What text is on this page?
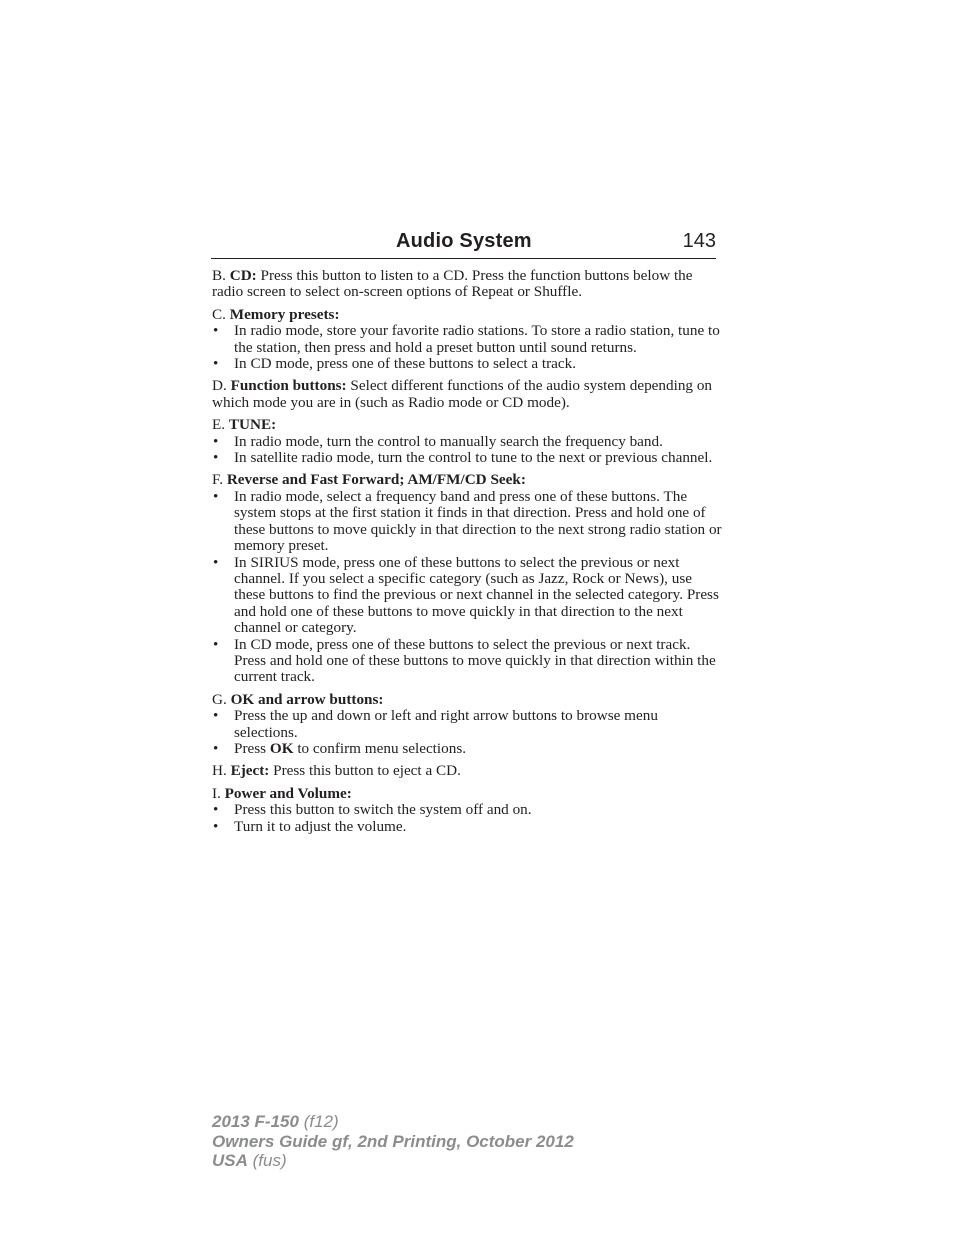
Audio System	143

B. CD: Press this button to listen to a CD. Press the function buttons below the radio screen to select on-screen options of Repeat or Shuffle.

C. Memory presets:

• In radio mode, store your favorite radio stations. To store a radio station, tune to the station, then press and hold a preset button until sound returns.
• In CD mode, press one of these buttons to select a track.

D. Function buttons: Select different functions of the audio system depending on which mode you are in (such as Radio mode or CD mode).

E. TUNE:

• In radio mode, turn the control to manually search the frequency band.
• In satellite radio mode, turn the control to tune to the next or previous channel.

F. Reverse and Fast Forward; AM/FM/CD Seek:

• In radio mode, select a frequency band and press one of these buttons. The system stops at the first station it finds in that direction. Press and hold one of these buttons to move quickly in that direction to the next strong radio station or memory preset.
• In SIRIUS mode, press one of these buttons to select the previous or next channel. If you select a specific category (such as Jazz, Rock or News), use these buttons to find the previous or next channel in the selected category. Press and hold one of these buttons to move quickly in that direction to the next channel or category.
• In CD mode, press one of these buttons to select the previous or next track. Press and hold one of these buttons to move quickly in that direction within the current track.

G. OK and arrow buttons:

• Press the up and down or left and right arrow buttons to browse menu selections.
• Press OK to confirm menu selections.

H. Eject: Press this button to eject a CD.

I. Power and Volume:

• Press this button to switch the system off and on.
• Turn it to adjust the volume.
2013 F-150 (f12)
Owners Guide gf, 2nd Printing, October 2012
USA (fus)
